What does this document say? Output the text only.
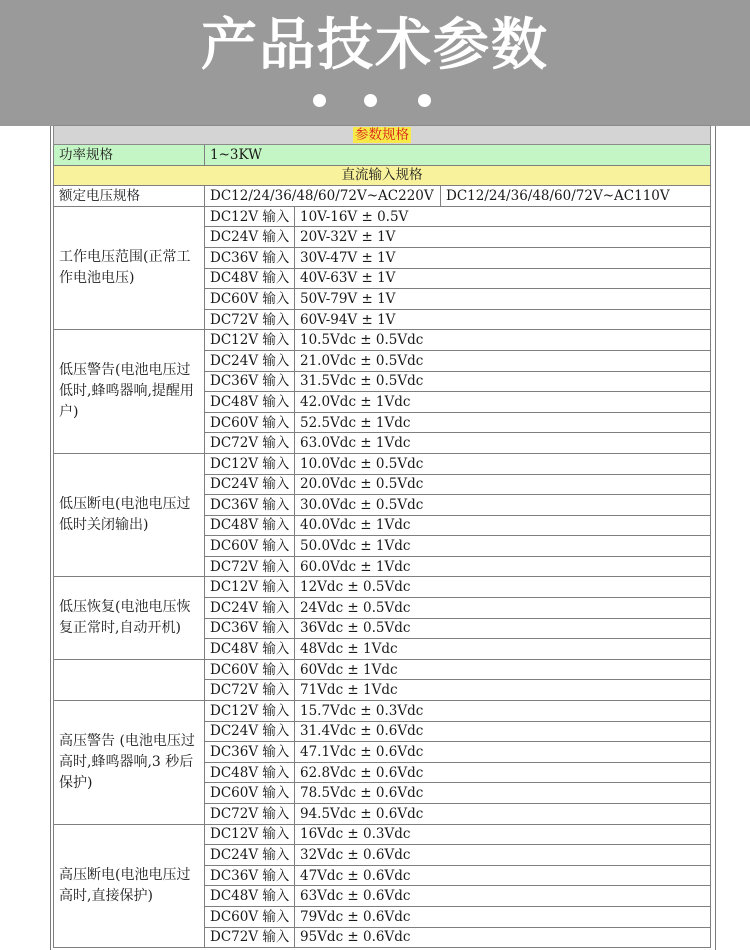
产品技术参数
参数规格			
功率规格	1~3KW		
直流输入规格			
额定电压规格	DC12/24/36/48/60/72V~AC220V		DC12/24/36/48/60/72V~AC110V
工作电压范围(正常工作电池电压)	DC12V 输入	10V-16V ± 0.5V	
	DC24V 输入	20V-32V ± 1V	
	DC36V 输入	30V-47V ± 1V	
	DC48V 输入	40V-63V ± 1V	
	DC60V 输入	50V-79V ± 1V	
	DC72V 输入	60V-94V ± 1V	
低压警告(电池电压过低时,蜂鸣器响,提醒用户)	DC12V 输入	10.5Vdc ± 0.5Vdc	
	DC24V 输入	21.0Vdc ± 0.5Vdc	
	DC36V 输入	31.5Vdc ± 0.5Vdc	
	DC48V 输入	42.0Vdc ± 1Vdc	
	DC60V 输入	52.5Vdc ± 1Vdc	
	DC72V 输入	63.0Vdc ± 1Vdc	
低压断电(电池电压过低时关闭输出)	DC12V 输入	10.0Vdc ± 0.5Vdc	
	DC24V 输入	20.0Vdc ± 0.5Vdc	
	DC36V 输入	30.0Vdc ± 0.5Vdc	
	DC48V 输入	40.0Vdc ± 1Vdc	
	DC60V 输入	50.0Vdc ± 1Vdc	
	DC72V 输入	60.0Vdc ± 1Vdc	
低压恢复(电池电压恢复正常时,自动开机)	DC12V 输入	12Vdc ± 0.5Vdc	
	DC24V 输入	24Vdc ± 0.5Vdc	
	DC36V 输入	36Vdc ± 0.5Vdc	
	DC48V 输入	48Vdc ± 1Vdc	
	DC60V 输入	60Vdc ± 1Vdc	
	DC72V 输入	71Vdc ± 1Vdc	
高压警告 (电池电压过高时,蜂鸣器响,3 秒后保护)	DC12V 输入	15.7Vdc ± 0.3Vdc	
	DC24V 输入	31.4Vdc ± 0.6Vdc	
	DC36V 输入	47.1Vdc ± 0.6Vdc	
	DC48V 输入	62.8Vdc ± 0.6Vdc	
	DC60V 输入	78.5Vdc ± 0.6Vdc	
	DC72V 输入	94.5Vdc ± 0.6Vdc	
高压断电(电池电压过高时,直接保护)	DC12V 输入	16Vdc ± 0.3Vdc	
	DC24V 输入	32Vdc ± 0.6Vdc	
	DC36V 输入	47Vdc ± 0.6Vdc	
	DC48V 输入	63Vdc ± 0.6Vdc	
	DC60V 输入	79Vdc ± 0.6Vdc	
	DC72V 输入	95Vdc ± 0.6Vdc	
